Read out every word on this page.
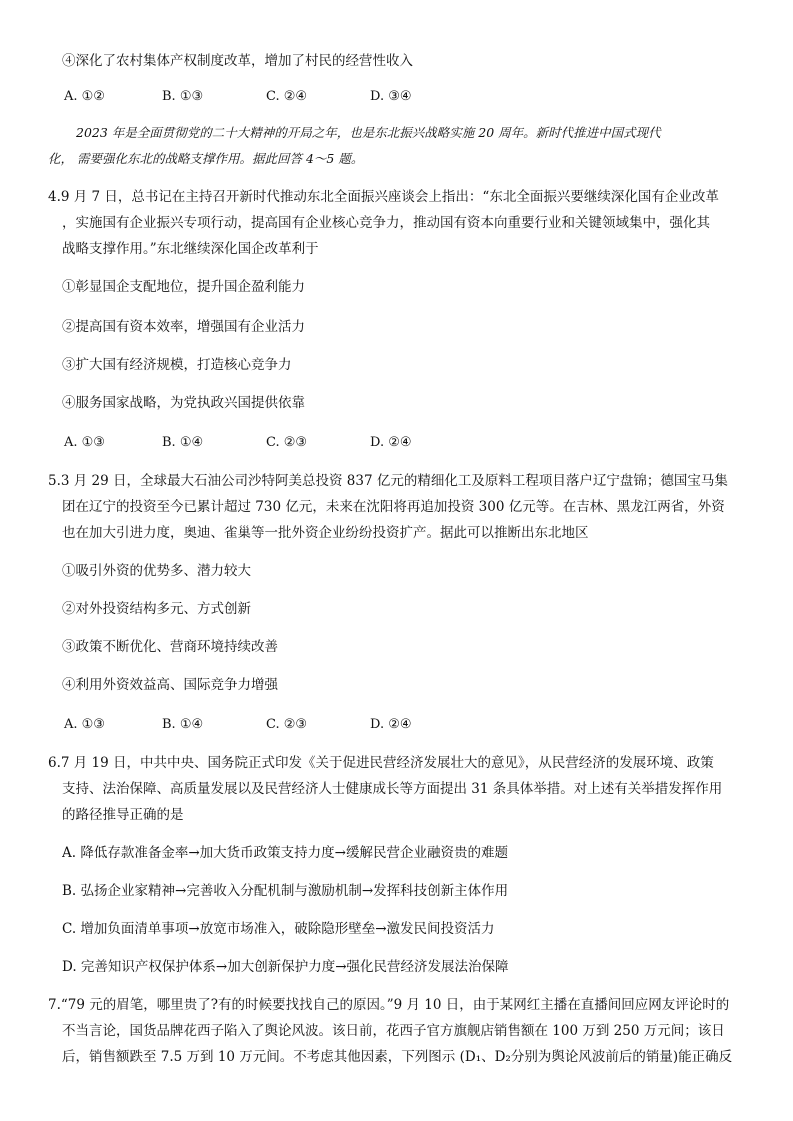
④深化了农村集体产权制度改革，增加了村民的经营性收入
A. ①②	B. ①③	C. ②④	D. ③④
2023 年是全面贯彻党的二十大精神的开局之年，也是东北振兴战略实施 20 周年。新时代推进中国式现代
化， 需要强化东北的战略支撑作用。据此回答 4～5 题。
4.9 月 7 日，总书记在主持召开新时代推动东北全面振兴座谈会上指出：“东北全面振兴要继续深化国有企业改革
，实施国有企业振兴专项行动，提高国有企业核心竞争力，推动国有资本向重要行业和关键领域集中，强化其
战略支撑作用。”东北继续深化国企改革利于
①彰显国企支配地位，提升国企盈利能力
②提高国有资本效率，增强国有企业活力
③扩大国有经济规模，打造核心竞争力
④服务国家战略，为党执政兴国提供依靠
A. ①③	B. ①④	C. ②③	D. ②④
5.3 月 29 日，全球最大石油公司沙特阿美总投资 837 亿元的精细化工及原料工程项目落户辽宁盘锦；德国宝马集
团在辽宁的投资至今已累计超过 730 亿元，未来在沈阳将再追加投资 300 亿元等。在吉林、黑龙江两省，外资
也在加大引进力度，奥迪、雀巢等一批外资企业纷纷投资扩产。据此可以推断出东北地区
①吸引外资的优势多、潜力较大
②对外投资结构多元、方式创新
③政策不断优化、营商环境持续改善
④利用外资效益高、国际竞争力增强
A. ①③	B. ①④	C. ②③	D. ②④
6.7 月 19 日，中共中央、国务院正式印发《关于促进民营经济发展壮大的意见》，从民营经济的发展环境、政策
支持、法治保障、高质量发展以及民营经济人士健康成长等方面提出 31 条具体举措。对上述有关举措发挥作用
的路径推导正确的是
A. 降低存款准备金率→加大货币政策支持力度→缓解民营企业融资贵的难题
B. 弘扬企业家精神→完善收入分配机制与激励机制→发挥科技创新主体作用
C. 增加负面清单事项→放宽市场准入，破除隐形壁垒→激发民间投资活力
D. 完善知识产权保护体系→加大创新保护力度→强化民营经济发展法治保障
7.“79 元的眉笔，哪里贵了?有的时候要找找自己的原因。”9 月 10 日，由于某网红主播在直播间回应网友评论时的
不当言论，国货品牌花西子陷入了舆论风波。该日前，花西子官方旗舰店销售额在 100 万到 250 万元间；该日
后，销售额跌至 7.5 万到 10 万元间。不考虑其他因素，下列图示 (D₁、D₂分别为舆论风波前后的销量)能正确反
